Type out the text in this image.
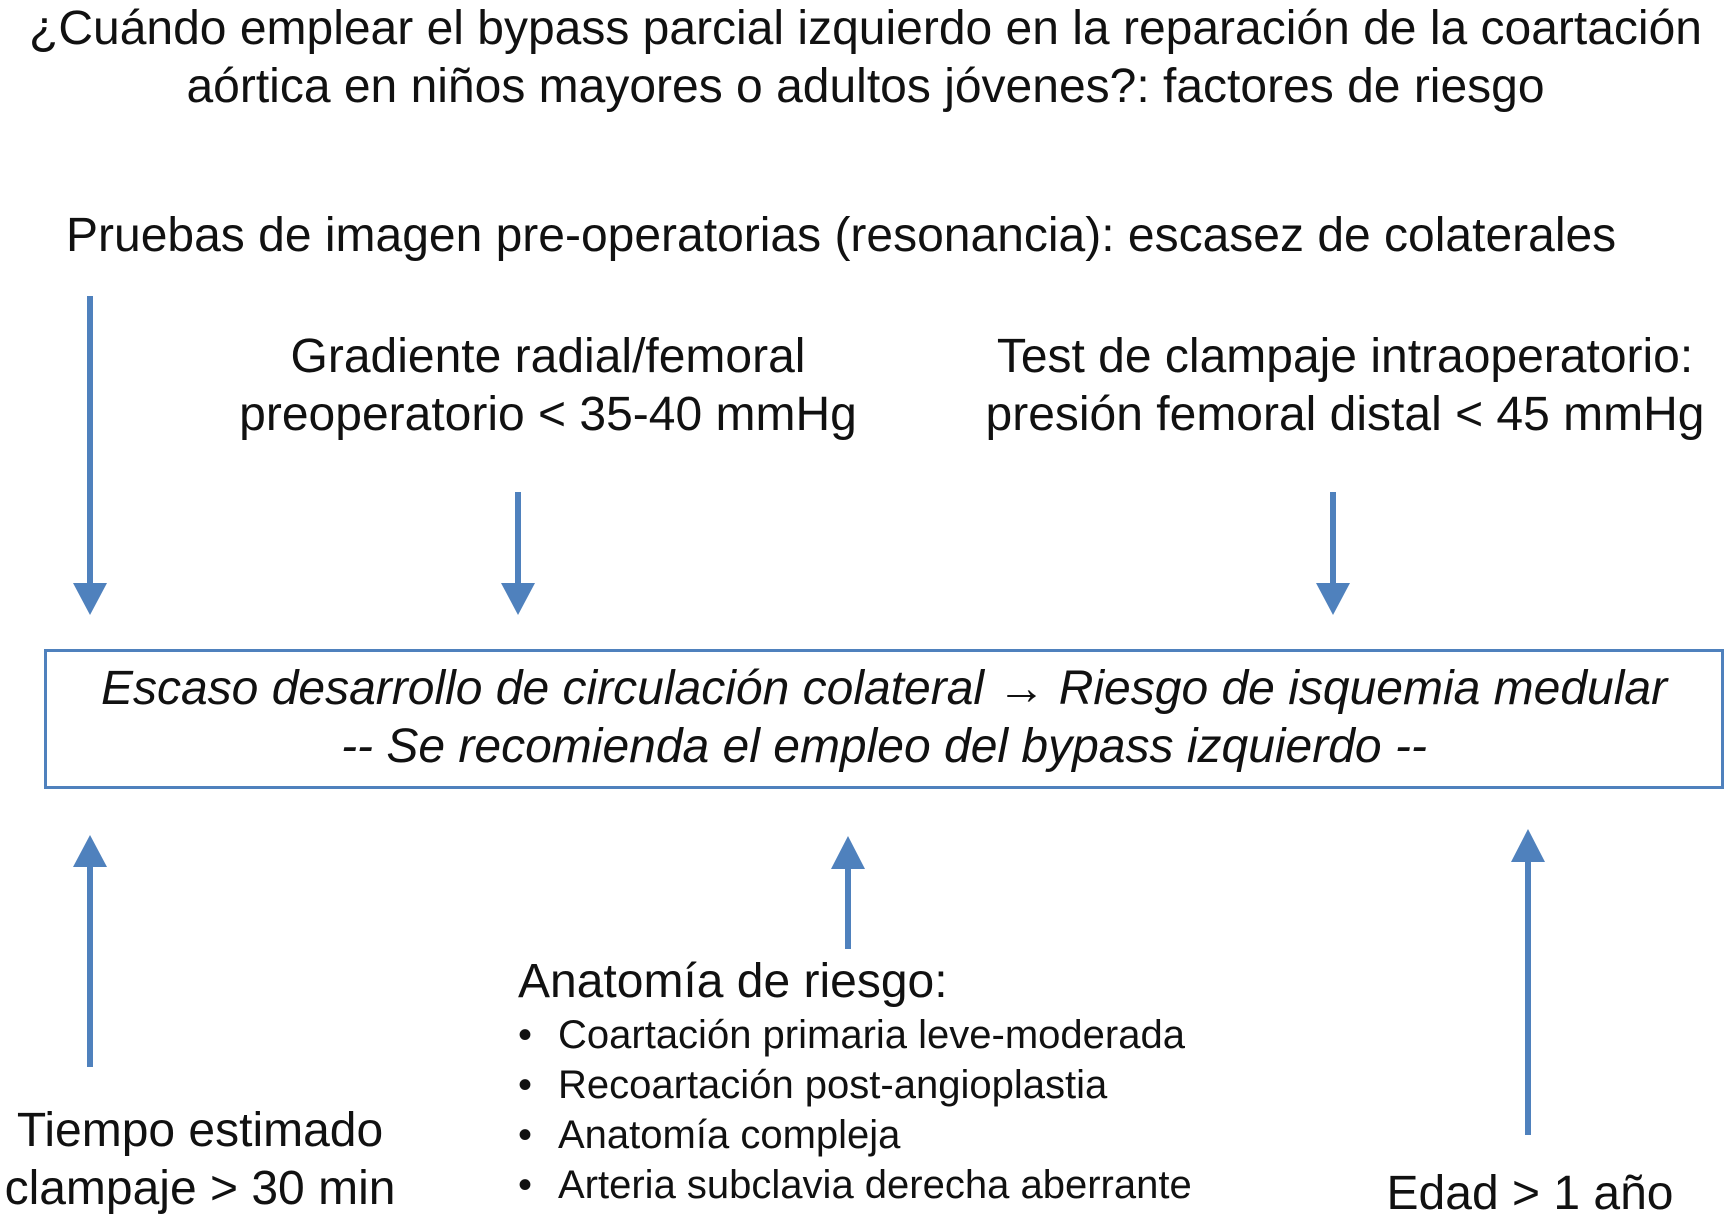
¿Cuándo emplear el bypass parcial izquierdo en la reparación de la coartación
aórtica en niños mayores o adultos jóvenes?: factores de riesgo
Pruebas de imagen pre-operatorias (resonancia): escasez de colaterales
Gradiente radial/femoral
preoperatorio < 35-40 mmHg
Test de clampaje intraoperatorio:
presión femoral distal < 45 mmHg
Escaso desarrollo de circulación colateral → Riesgo de isquemia medular
-- Se recomienda el empleo del bypass izquierdo --
Tiempo estimado
clampaje > 30 min
Anatomía de riesgo:
• Coartación primaria leve-moderada
• Recoartación post-angioplastia
• Anatomía compleja
• Arteria subclavia derecha aberrante	Edad > 1 año
